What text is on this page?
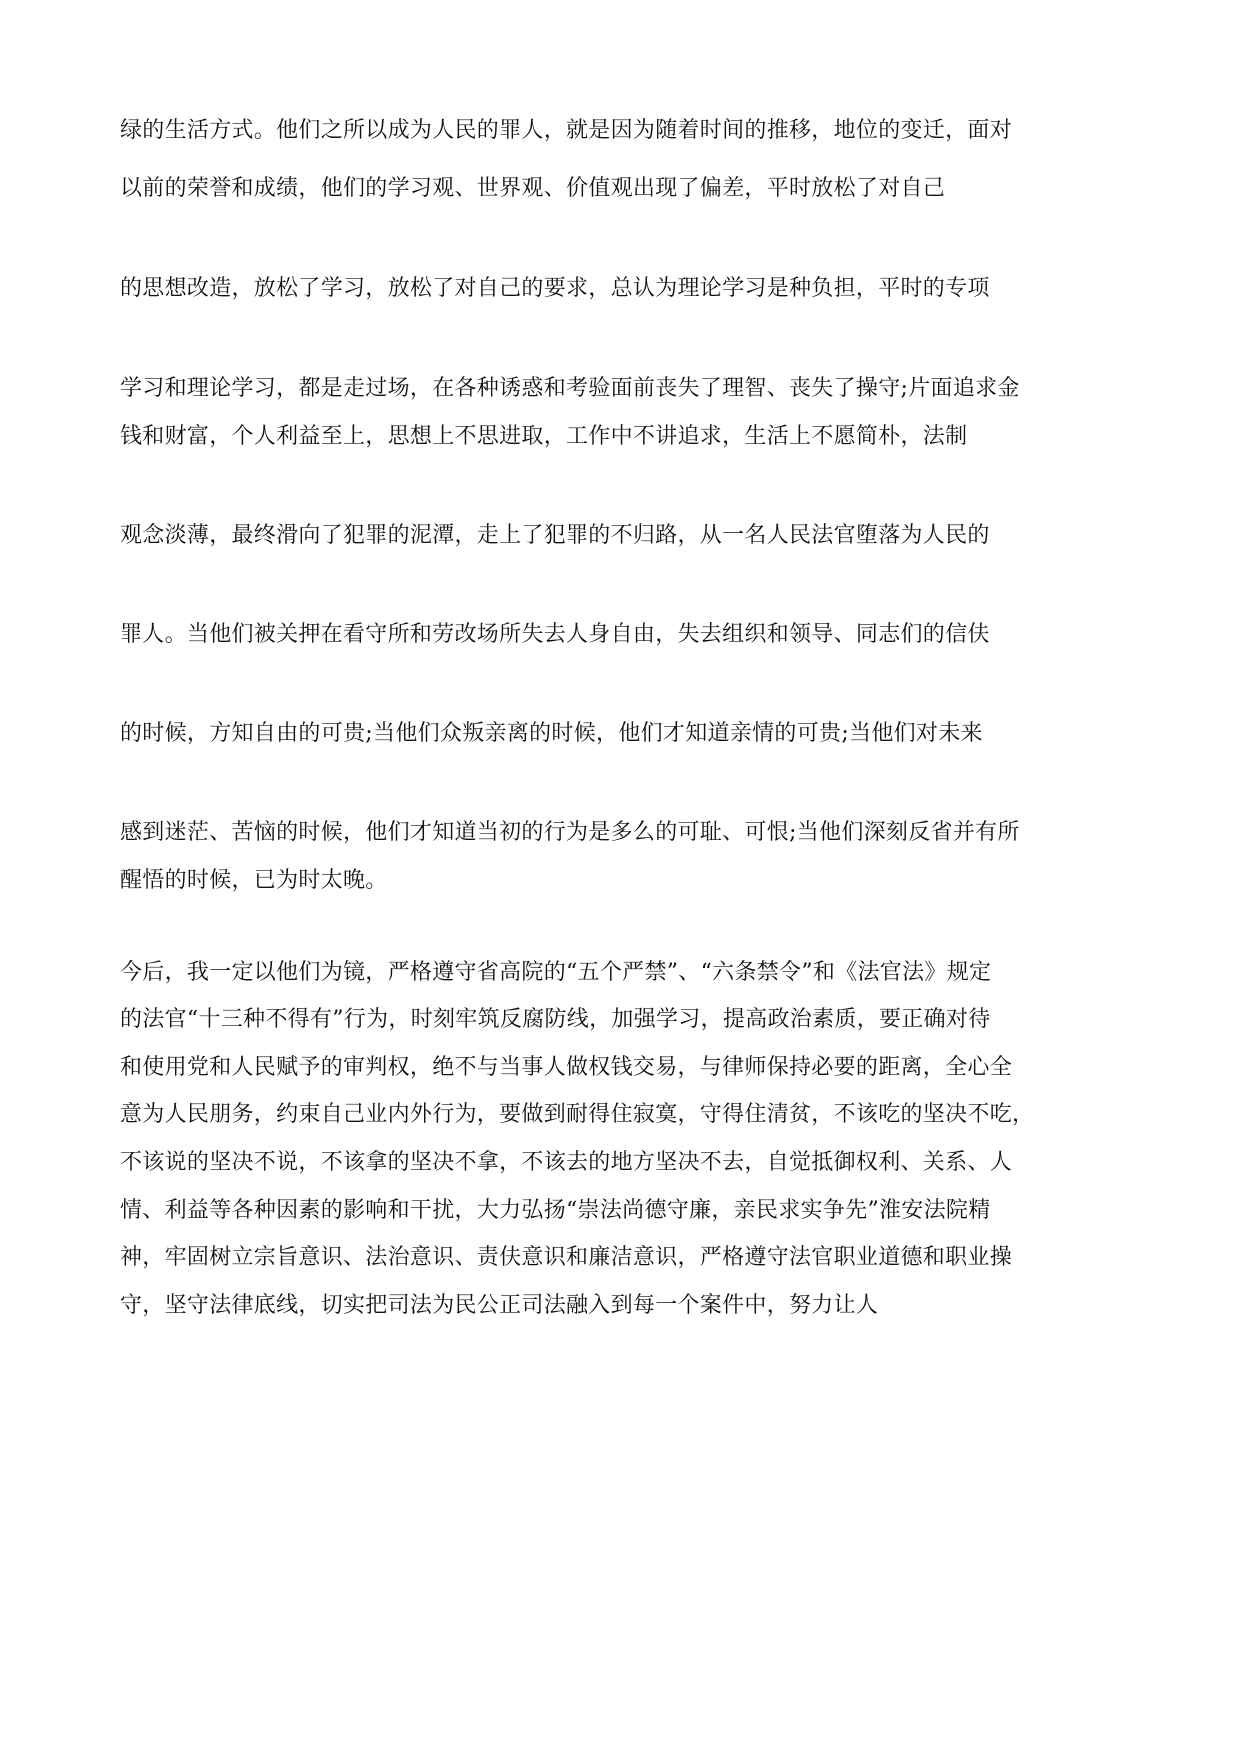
绿的生活方式。他们之所以成为人民的罪人，就是因为随着时间的推移，地位的变迁，面对

以前的荣誉和成绩，他们的学习观、世界观、价值观出现了偏差，平时放松了对自己

的思想改造，放松了学习，放松了对自己的要求，总认为理论学习是种负担，平时的专项

学习和理论学习，都是走过场，在各种诱惑和考验面前丧失了理智、丧失了操守;片面追求金

钱和财富，个人利益至上，思想上不思进取，工作中不讲追求，生活上不愿简朴，法制

观念淡薄，最终滑向了犯罪的泥潭，走上了犯罪的不归路，从一名人民法官堕落为人民的

罪人。当他们被关押在看守所和劳改场所失去人身自由，失去组织和领导、同志们的信伕

的时候，方知自由的可贵;当他们众叛亲离的时候，他们才知道亲情的可贵;当他们对未来

感到迷茫、苦恼的时候，他们才知道当初的行为是多么的可耻、可恨;当他们深刻反省并有所

醒悟的时候，已为时太晚。

今后，我一定以他们为镜，严格遵守省高院的“五个严禁”、“六条禁令”和《法官法》规定

的法官“十三种不得有”行为，时刻牢筑反腐防线，加强学习，提高政治素质，要正确对待

和使用党和人民赋予的审判权，绝不与当事人做权钱交易，与律师保持必要的距离，全心全

意为人民朋务，约束自己业内外行为，要做到耐得住寂寞，守得住清贫，不该吃的坚决不吃，

不该说的坚决不说，不该拿的坚决不拿，不该去的地方坚决不去，自觉抵御权利、关系、人

情、利益等各种因素的影响和干扰，大力弘扬“崇法尚德守廉，亲民求实争先”淮安法院精

神，牢固树立宗旨意识、法治意识、责伕意识和廉洁意识，严格遵守法官职业道德和职业操

守，坚守法律底线，切实把司法为民公正司法融入到每一个案件中，努力让人
